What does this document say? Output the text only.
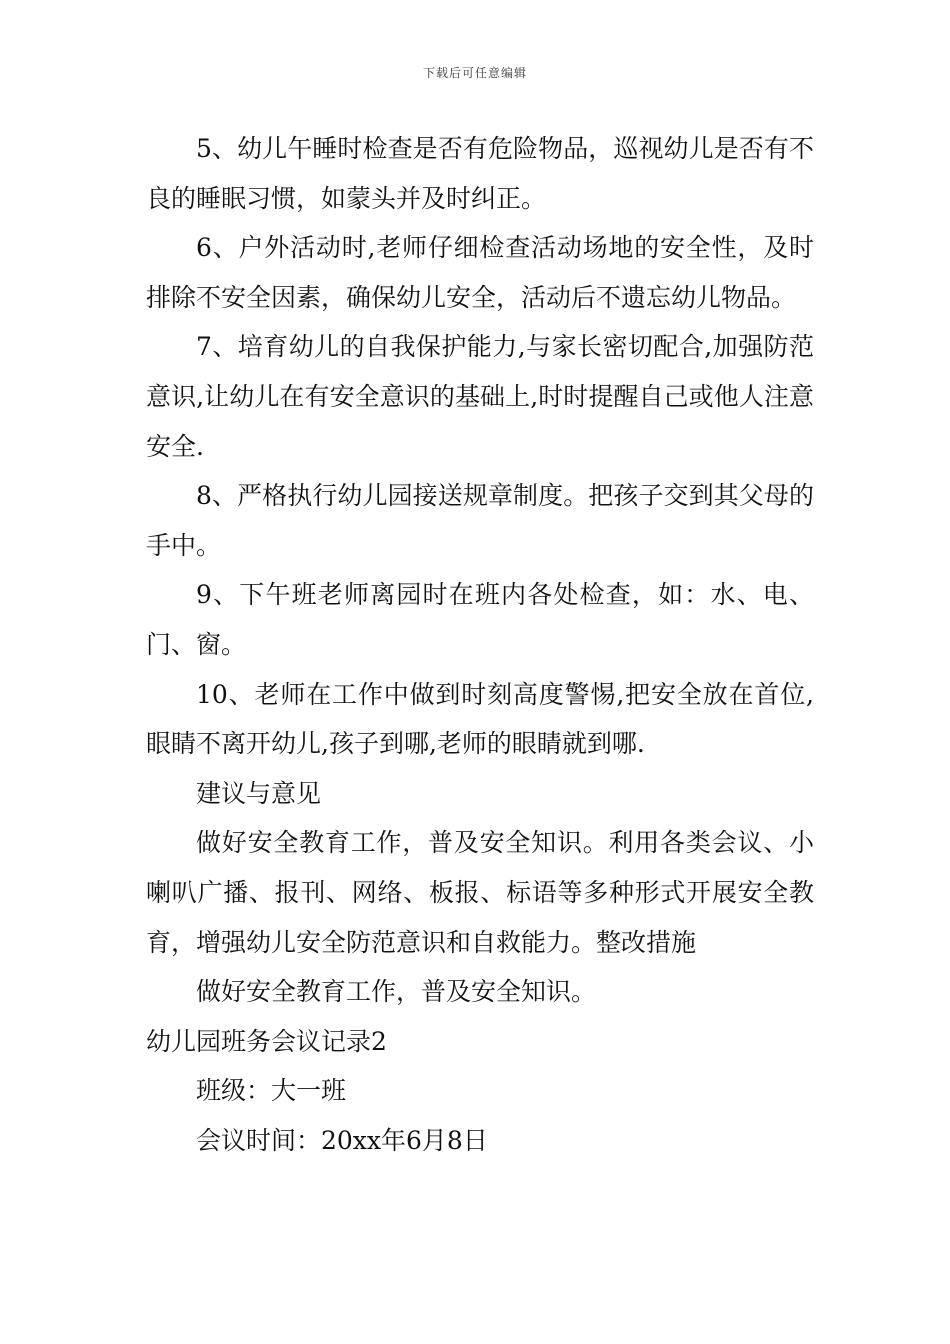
下载后可任意编辑

5、幼儿午睡时检查是否有危险物品，巡视幼儿是否有不良的睡眠习惯，如蒙头并及时纠正。

6、户外活动时,老师仔细检查活动场地的安全性，及时排除不安全因素，确保幼儿安全，活动后不遗忘幼儿物品。

7、培育幼儿的自我保护能力,与家长密切配合,加强防范意识,让幼儿在有安全意识的基础上,时时提醒自己或他人注意安全.

8、严格执行幼儿园接送规章制度。把孩子交到其父母的手中。

9、下午班老师离园时在班内各处检查，如：水、电、门、窗。

10、老师在工作中做到时刻高度警惕,把安全放在首位,眼睛不离开幼儿,孩子到哪,老师的眼睛就到哪.

建议与意见

做好安全教育工作，普及安全知识。利用各类会议、小喇叭广播、报刊、网络、板报、标语等多种形式开展安全教育，增强幼儿安全防范意识和自救能力。整改措施

做好安全教育工作，普及安全知识。

幼儿园班务会议记录2

班级：大一班

会议时间：20xx年6月8日
